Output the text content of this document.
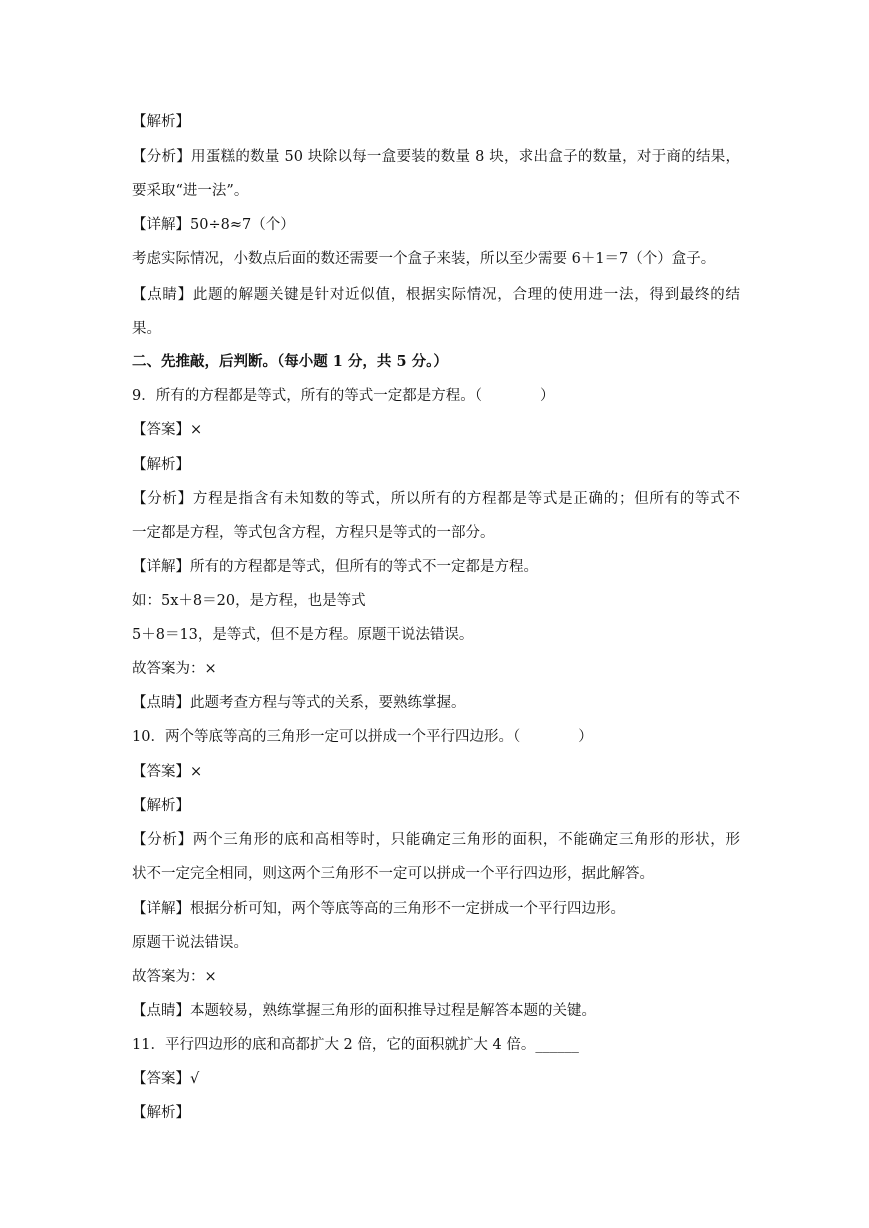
【解析】
【分析】用蛋糕的数量 50 块除以每一盒要装的数量 8 块，求出盒子的数量，对于商的结果，
要采取“进一法”。
【详解】50÷8≈7（个）
考虑实际情况，小数点后面的数还需要一个盒子来装，所以至少需要 6＋1＝7（个）盒子。
【点睛】此题的解题关键是针对近似值，根据实际情况，合理的使用进一法，得到最终的结
果。
二、先推敲，后判断。（每小题 1 分，共 5 分。）
9．所有的方程都是等式，所有的等式一定都是方程。（　　　　）
【答案】×
【解析】
【分析】方程是指含有未知数的等式，所以所有的方程都是等式是正确的；但所有的等式不
一定都是方程，等式包含方程，方程只是等式的一部分。
【详解】所有的方程都是等式，但所有的等式不一定都是方程。
如：5x＋8＝20，是方程，也是等式
5＋8＝13，是等式，但不是方程。原题干说法错误。
故答案为：×
【点睛】此题考查方程与等式的关系，要熟练掌握。
10．两个等底等高的三角形一定可以拼成一个平行四边形。（　　　　）
【答案】×
【解析】
【分析】两个三角形的底和高相等时，只能确定三角形的面积，不能确定三角形的形状，形
状不一定完全相同，则这两个三角形不一定可以拼成一个平行四边形，据此解答。
【详解】根据分析可知，两个等底等高的三角形不一定拼成一个平行四边形。
原题干说法错误。
故答案为：×
【点睛】本题较易，熟练掌握三角形的面积推导过程是解答本题的关键。
11．平行四边形的底和高都扩大 2 倍，它的面积就扩大 4 倍。______
【答案】√
【解析】
